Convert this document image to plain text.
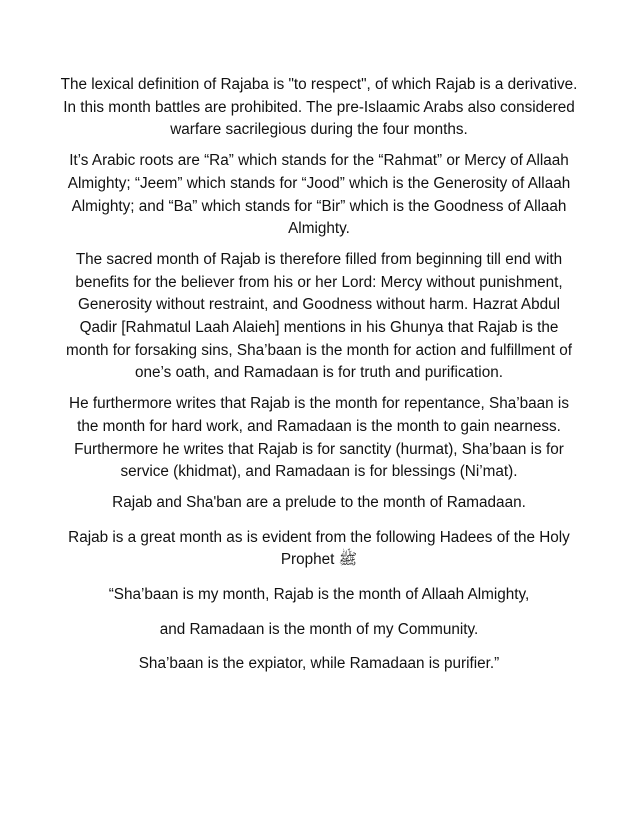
The lexical definition of Rajaba is "to respect", of which Rajab is a derivative. In this month battles are prohibited. The pre-Islaamic Arabs also considered warfare sacrilegious during the four months.

It’s Arabic roots are “Ra” which stands for the “Rahmat” or Mercy of Allaah Almighty; “Jeem” which stands for “Jood” which is the Generosity of Allaah Almighty; and “Ba” which stands for “Bir” which is the Goodness of Allaah Almighty.

The sacred month of Rajab is therefore filled from beginning till end with benefits for the believer from his or her Lord: Mercy without punishment, Generosity without restraint, and Goodness without harm. Hazrat Abdul Qadir [Rahmatul Laah Alaieh] mentions in his Ghunya that Rajab is the month for forsaking sins, Sha’baan is the month for action and fulfillment of one’s oath, and Ramadaan is for truth and purification.

He furthermore writes that Rajab is the month for repentance, Sha’baan is the month for hard work, and Ramadaan is the month to gain nearness. Furthermore he writes that Rajab is for sanctity (hurmat), Sha’baan is for service (khidmat), and Ramadaan is for blessings (Ni’mat).

Rajab and Sha'ban are a prelude to the month of Ramadaan.

Rajab is a great month as is evident from the following Hadees of the Holy Prophet ﷺ

“Sha’baan is my month, Rajab is the month of Allaah Almighty,

and Ramadaan is the month of my Community.

Sha’baan is the expiator, while Ramadaan is purifier.”
